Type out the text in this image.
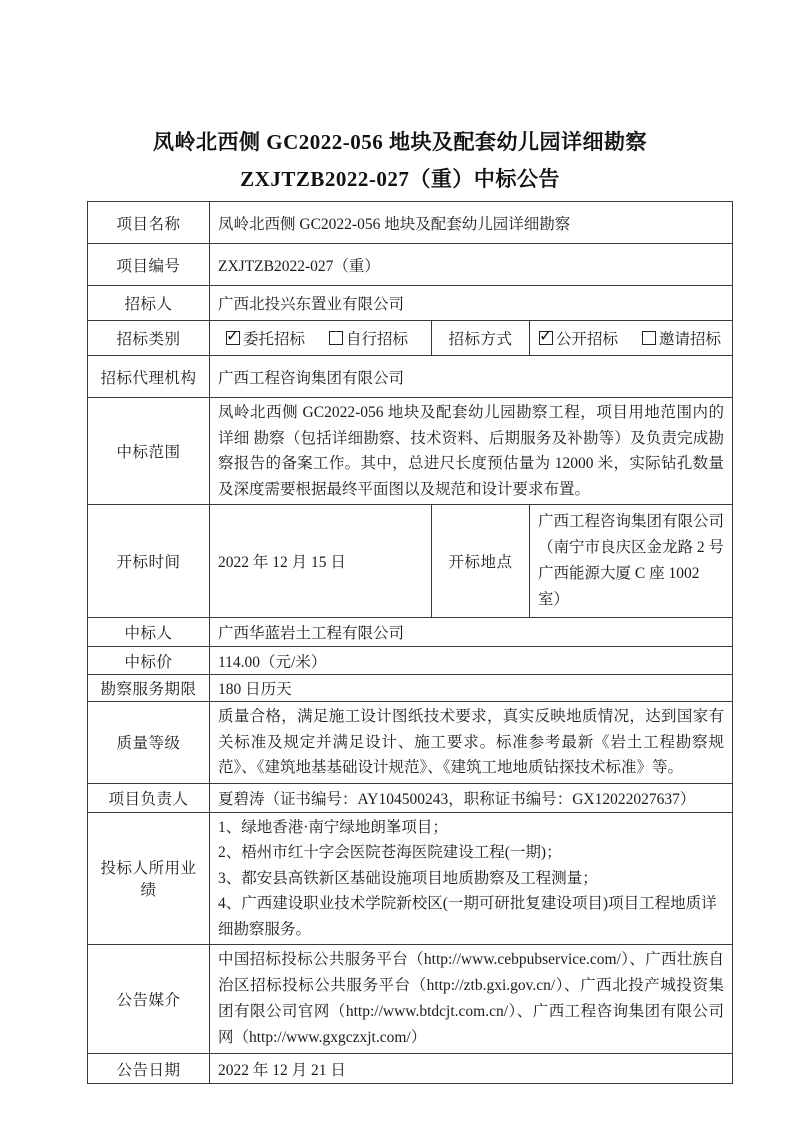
凤岭北西侧 GC2022-056 地块及配套幼儿园详细勘察
ZXJTZB2022-027（重）中标公告
项目名称	凤岭北西侧 GC2022-056 地块及配套幼儿园详细勘察		
项目编号	ZXJTZB2022-027（重）		
招标人	广西北投兴东置业有限公司		
招标类别	✓委托招标 自行招标	招标方式	✓公开招标 邀请招标
招标代理机构	广西工程咨询集团有限公司		
中标范围	凤岭北西侧 GC2022-056 地块及配套幼儿园勘察工程，项目用地范围内的详细 勘察（包括详细勘察、技术资料、后期服务及补勘等）及负责完成勘察报告的备案工作。其中，总进尺长度预估量为 12000 米，实际钻孔数量及深度需要根据最终平面图以及规范和设计要求布置。		
开标时间	2022 年 12 月 15 日	开标地点	广西工程咨询集团有限公司（南宁市良庆区金龙路 2 号广西能源大厦 C 座 1002 室）
中标人	广西华蓝岩土工程有限公司		
中标价	114.00（元/米）		
勘察服务期限	180 日历天		
质量等级	质量合格，满足施工设计图纸技术要求，真实反映地质情况，达到国家有关标准及规定并满足设计、施工要求。标准参考最新《岩土工程勘察规范》、《建筑地基基础设计规范》、《建筑工地地质钻探技术标准》等。		
项目负责人	夏碧涛（证书编号：AY104500243，职称证书编号：GX12022027637）		
投标人所用业绩	1、绿地香港·南宁绿地朗峯项目；
2、梧州市红十字会医院苍海医院建设工程(一期)；
3、都安县高铁新区基础设施项目地质勘察及工程测量；
4、广西建设职业技术学院新校区(一期可研批复建设项目)项目工程地质详细勘察服务。		

公告媒介	中国招标投标公共服务平台（http://www.cebpubservice.com/）、广西壮族自治区招标投标公共服务平台（http://ztb.gxi.gov.cn/）、广西北投产城投资集团有限公司官网（http://www.btdcjt.com.cn/）、广西工程咨询集团有限公司网（http://www.gxgczxjt.com/）		
公告日期	2022 年 12 月 21 日		
